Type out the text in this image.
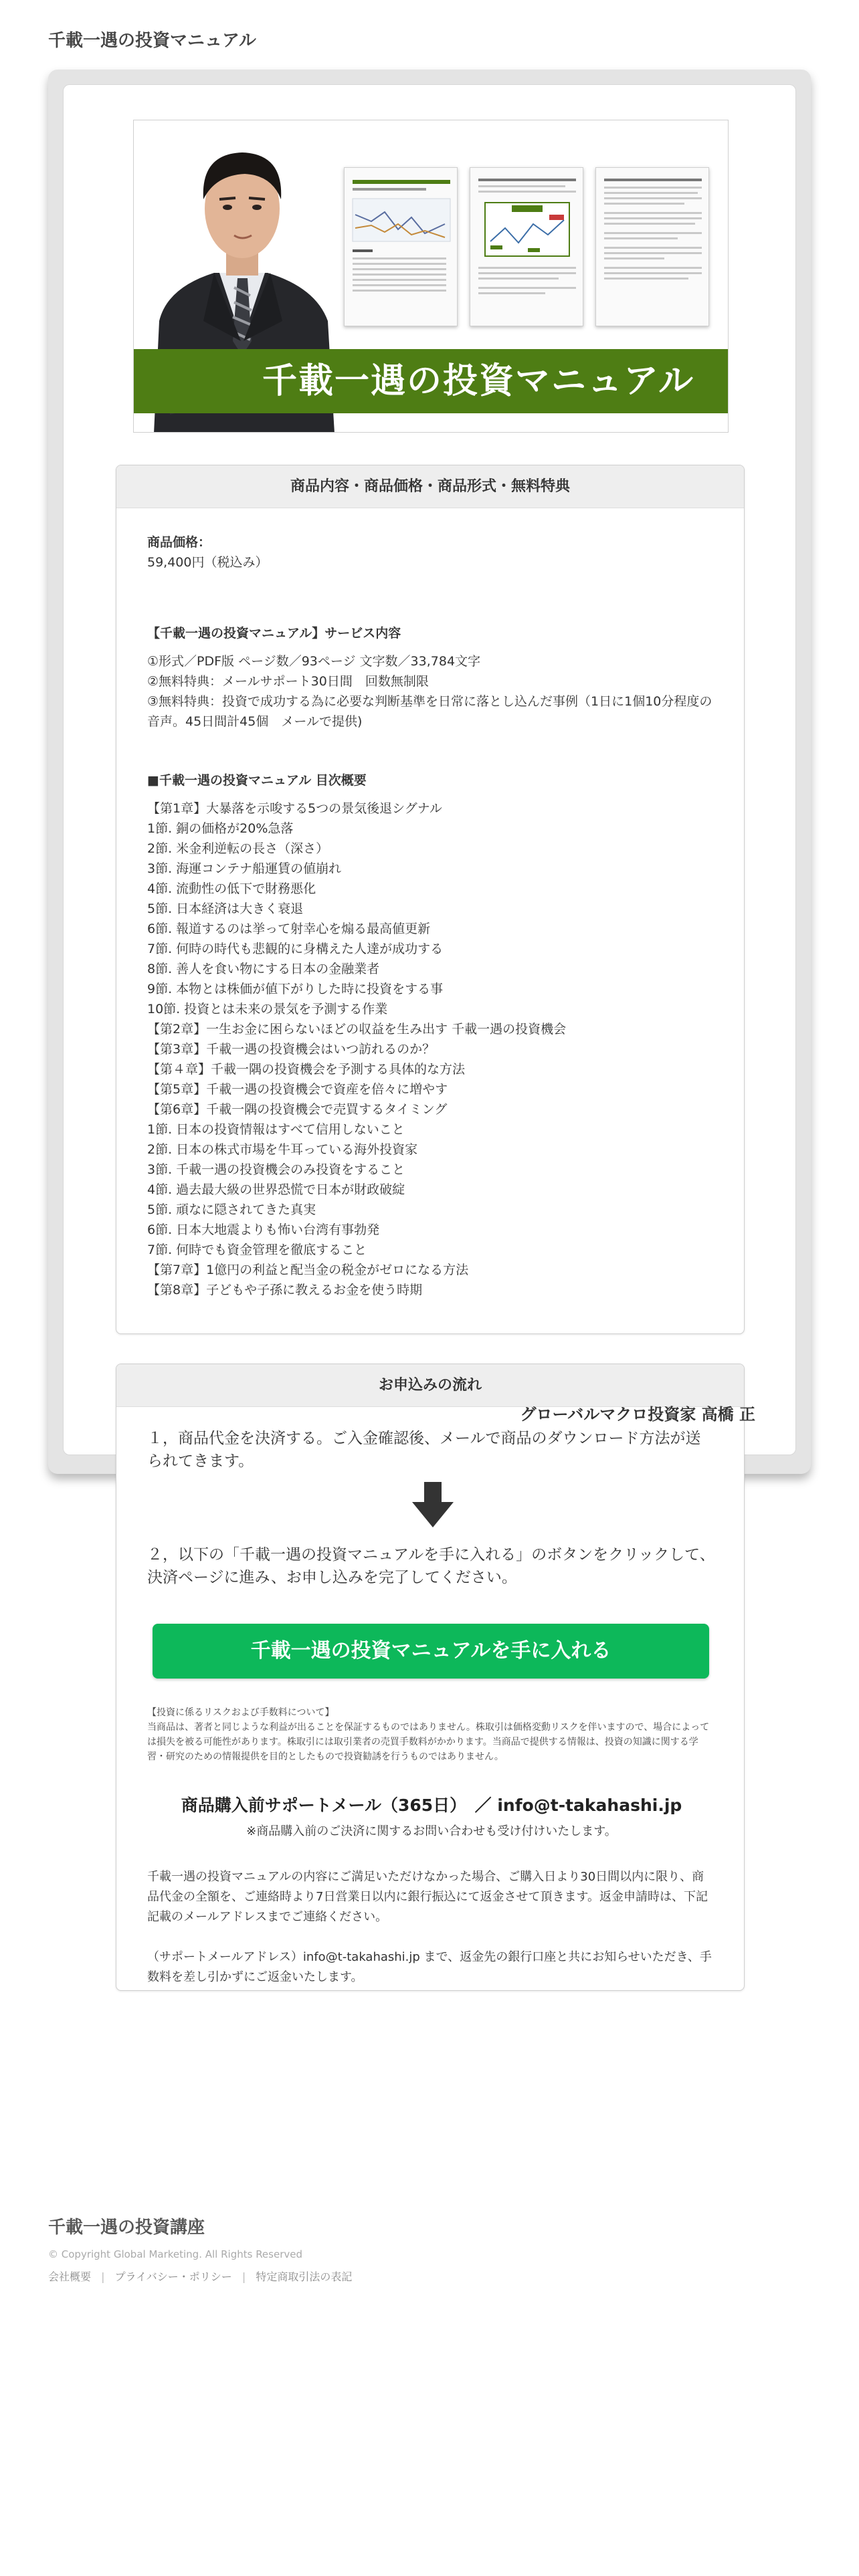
千載一遇の投資マニュアル
千載一遇の投資マニュアル
商品内容・商品価格・商品形式・無料特典
商品価格：
59,400円（税込み）
【千載一遇の投資マニュアル】サービス内容
①形式／PDF版 ページ数／93ページ 文字数／33,784文字
②無料特典：メールサポート30日間　回数無制限
③無料特典：投資で成功する為に必要な判断基準を日常に落とし込んだ事例（1日に1個10分程度の音声。45日間計45個　メールで提供)
■千載一遇の投資マニュアル 目次概要
【第1章】大暴落を示唆する5つの景気後退シグナル
1節. 銅の価格が20%急落
2節. 米金利逆転の長さ（深さ）
3節. 海運コンテナ船運賃の値崩れ
4節. 流動性の低下で財務悪化
5節. 日本経済は大きく衰退
6節. 報道するのは挙って射幸心を煽る最高値更新
7節. 何時の時代も悲観的に身構えた人達が成功する
8節. 善人を食い物にする日本の金融業者
9節. 本物とは株価が値下がりした時に投資をする事
10節. 投資とは未来の景気を予測する作業
【第2章】一生お金に困らないほどの収益を生み出す 千載一遇の投資機会
【第3章】千載一遇の投資機会はいつ訪れるのか？
【第４章】千載一隅の投資機会を予測する具体的な方法
【第5章】千載一遇の投資機会で資産を倍々に増やす
【第6章】千載一隅の投資機会で売買するタイミング
1節. 日本の投資情報はすべて信用しないこと
2節. 日本の株式市場を牛耳っている海外投資家
3節. 千載一遇の投資機会のみ投資をすること
4節. 過去最大級の世界恐慌で日本が財政破綻
5節. 頑なに隠されてきた真実
6節. 日本大地震よりも怖い台湾有事勃発
7節. 何時でも資金管理を徹底すること
【第7章】1億円の利益と配当金の税金がゼロになる方法
【第8章】子どもや子孫に教えるお金を使う時期
お申込みの流れ
１，商品代金を決済する。ご入金確認後、メールで商品のダウンロード方法が送られてきます。
２，以下の「千載一遇の投資マニュアルを手に入れる」のボタンをクリックして、決済ページに進み、お申し込みを完了してください。
千載一遇の投資マニュアルを手に入れる
【投資に係るリスクおよび手数料について】
当商品は、著者と同じような利益が出ることを保証するものではありません。株取引は価格変動リスクを伴いますので、場合によっては損失を被る可能性があります。株取引には取引業者の売買手数料がかかります。当商品で提供する情報は、投資の知識に関する学習・研究のための情報提供を目的としたもので投資勧誘を行うものではありません。
商品購入前サポートメール（365日）　／ info@t-takahashi.jp
※商品購入前のご決済に関するお問い合わせも受け付けいたします。
千載一遇の投資マニュアルの内容にご満足いただけなかった場合、ご購入日より30日間以内に限り、商品代金の全額を、ご連絡時より7日営業日以内に銀行振込にて返金させて頂きます。返金申請時は、下記記載のメールアドレスまでご連絡ください。
（サポートメールアドレス）info@t-takahashi.jp まで、返金先の銀行口座と共にお知らせいただき、手数料を差し引かずにご返金いたします。
グローバルマクロ投資家 高橋 正
千載一遇の投資講座
© Copyright Global Marketing. All Rights Reserved
会社概要 | プライバシー・ポリシー | 特定商取引法の表記
